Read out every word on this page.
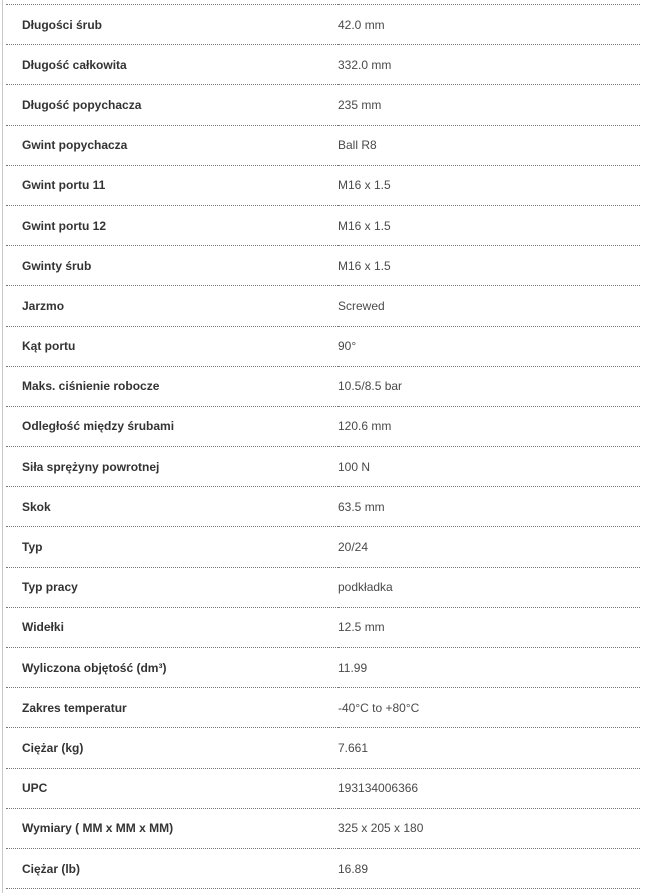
Długości śrub	42.0 mm
Długość całkowita	332.0 mm
Długość popychacza	235 mm
Gwint popychacza	Ball R8
Gwint portu 11	M16 x 1.5
Gwint portu 12	M16 x 1.5
Gwinty śrub	M16 x 1.5
Jarzmo	Screwed
Kąt portu	90°
Maks. ciśnienie robocze	10.5/8.5 bar
Odległość między śrubami	120.6 mm
Siła sprężyny powrotnej	100 N
Skok	63.5 mm
Typ	20/24
Typ pracy	podkładka
Widełki	12.5 mm
Wyliczona objętość (dm³)	11.99
Zakres temperatur	-40°C to +80°C
Ciężar (kg)	7.661
UPC	193134006366
Wymiary ( MM x MM x MM)	325 x 205 x 180
Ciężar (lb)	16.89
